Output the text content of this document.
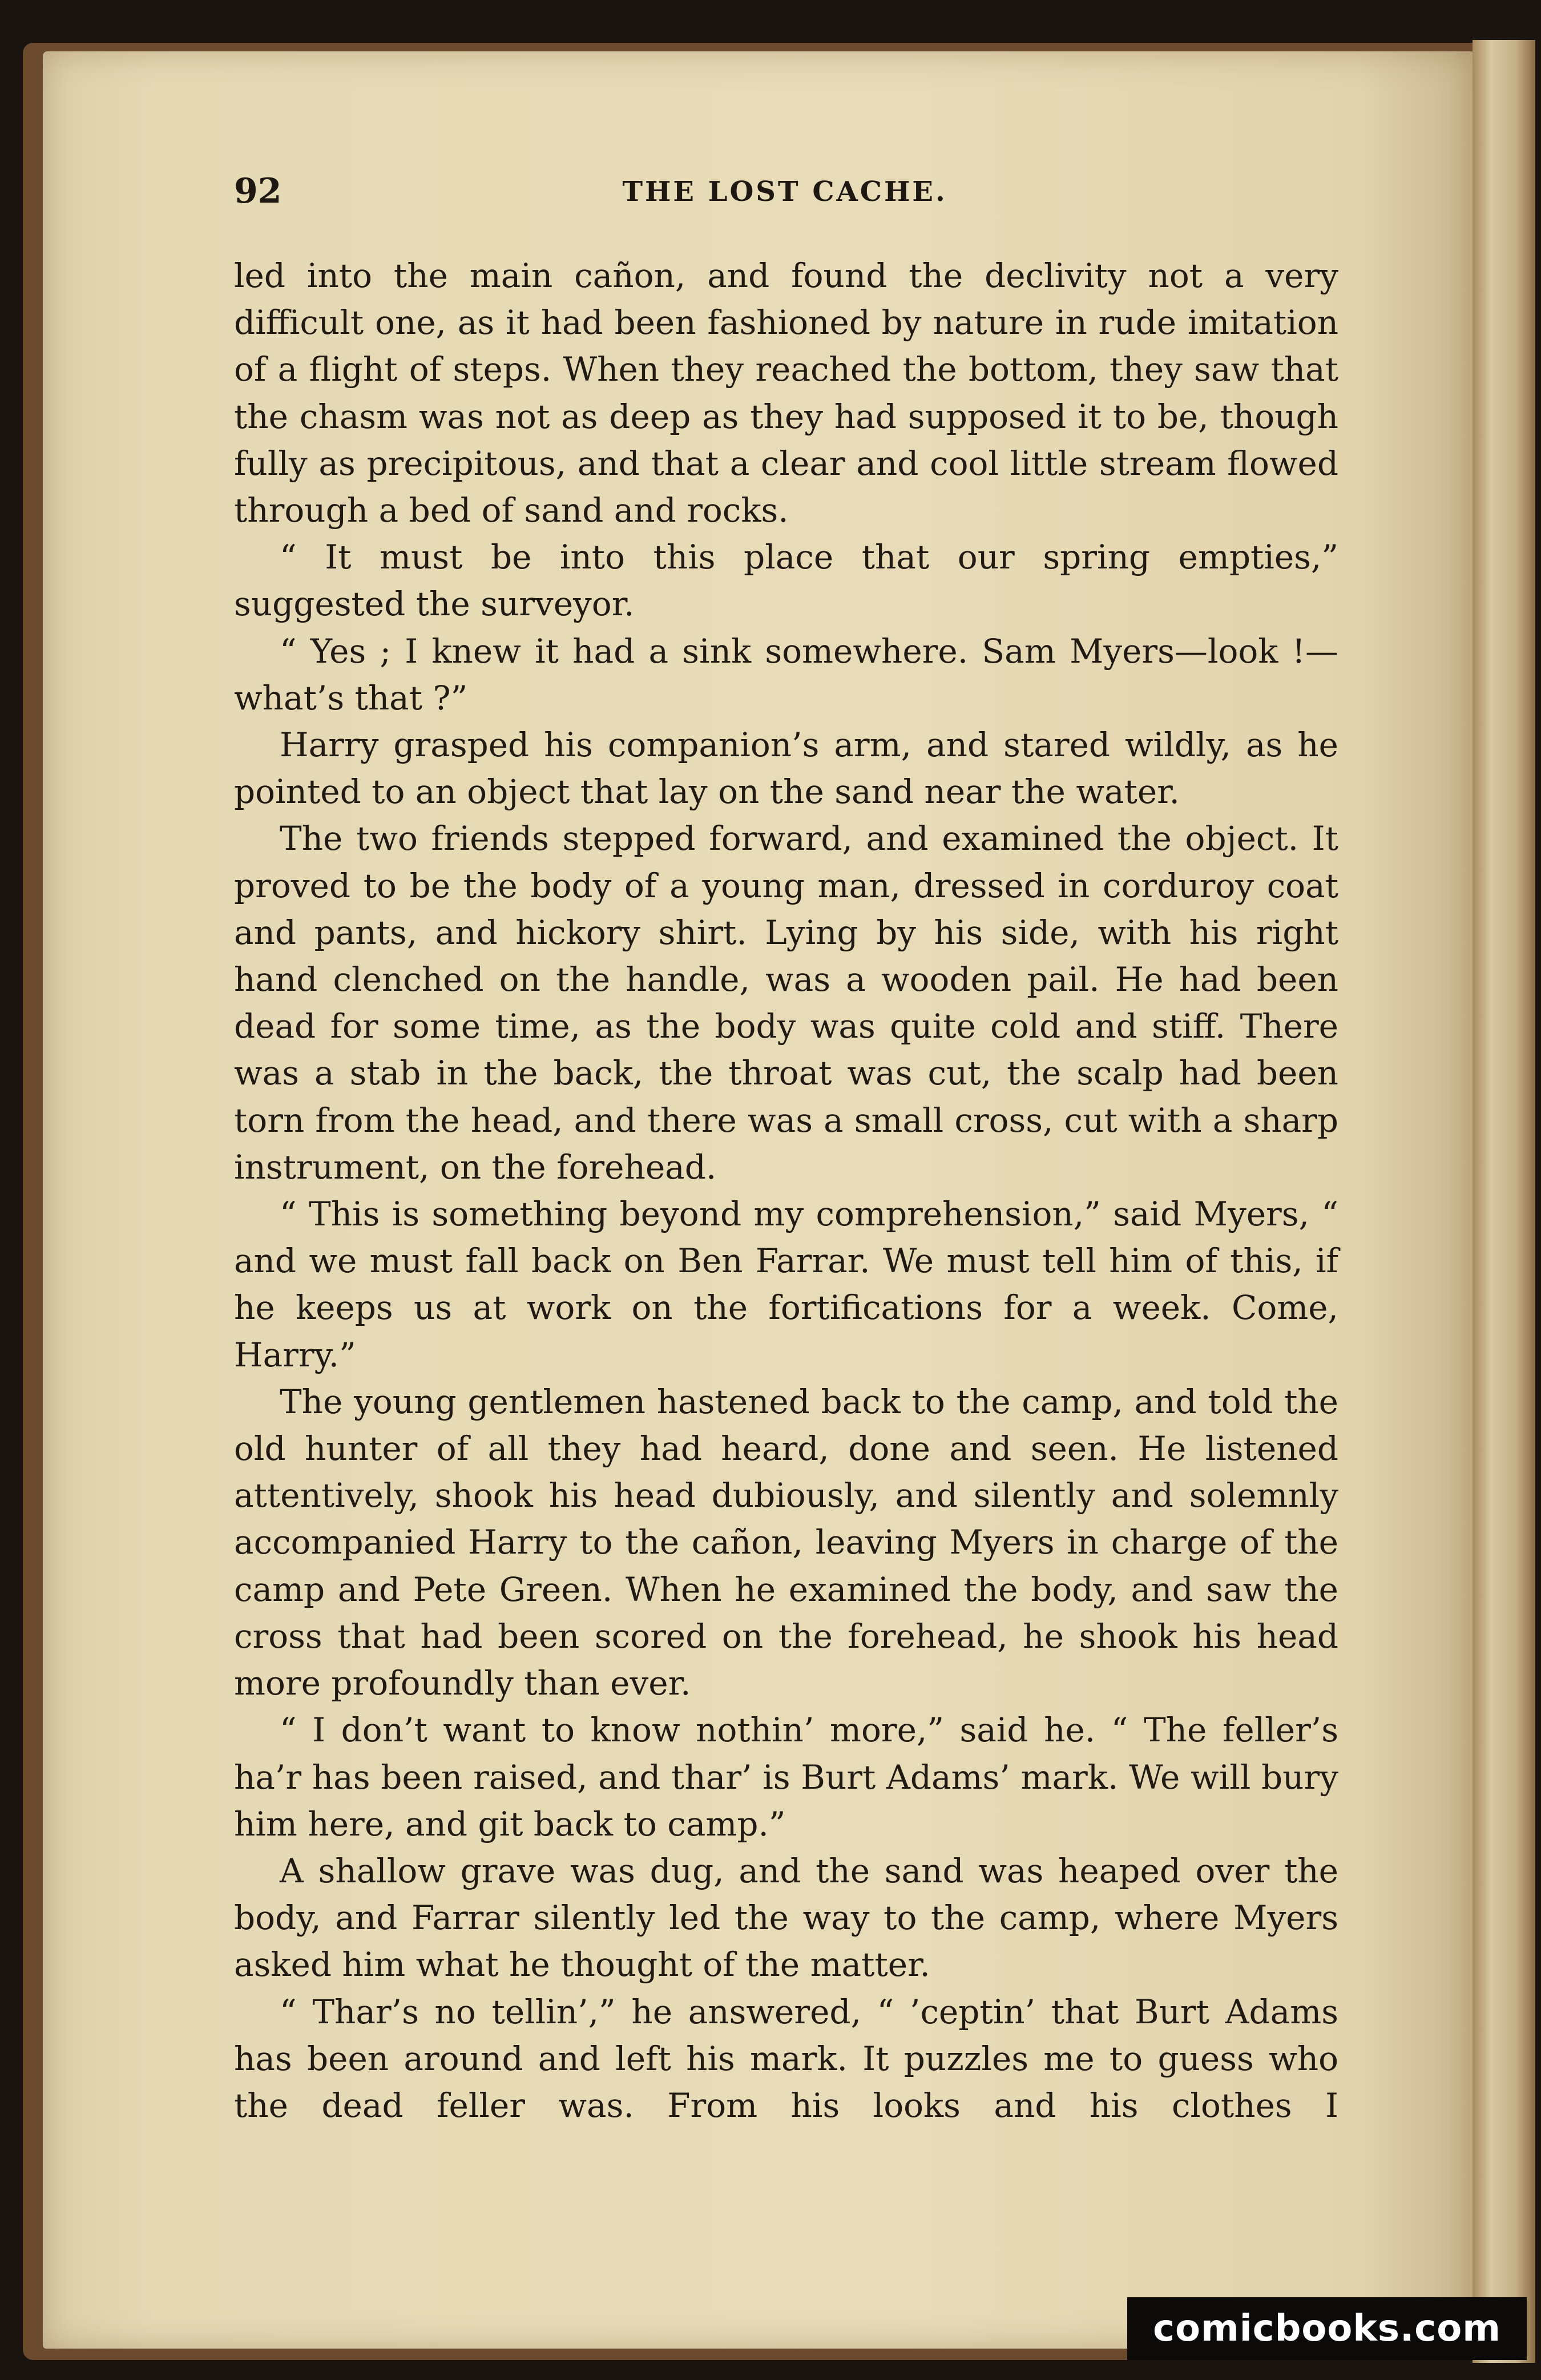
92	THE LOST CACHE.

led into the main cañon, and found the declivity not a very difficult one, as it had been fashioned by nature in rude imitation of a flight of steps. When they reached the bottom, they saw that the chasm was not as deep as they had supposed it to be, though fully as precipitous, and that a clear and cool little stream flowed through a bed of sand and rocks.

“ It must be into this place that our spring empties,” suggested the surveyor.

“ Yes ; I knew it had a sink somewhere. Sam Myers—look !—what’s that ?”

Harry grasped his companion’s arm, and stared wildly, as he pointed to an object that lay on the sand near the water.

The two friends stepped forward, and examined the object. It proved to be the body of a young man, dressed in corduroy coat and pants, and hickory shirt. Lying by his side, with his right hand clenched on the handle, was a wooden pail. He had been dead for some time, as the body was quite cold and stiff. There was a stab in the back, the throat was cut, the scalp had been torn from the head, and there was a small cross, cut with a sharp instrument, on the forehead.

“ This is something beyond my comprehension,” said Myers, “ and we must fall back on Ben Farrar. We must tell him of this, if he keeps us at work on the fortifications for a week. Come, Harry.”

The young gentlemen hastened back to the camp, and told the old hunter of all they had heard, done and seen. He listened attentively, shook his head dubiously, and silently and solemnly accompanied Harry to the cañon, leaving Myers in charge of the camp and Pete Green. When he examined the body, and saw the cross that had been scored on the forehead, he shook his head more profoundly than ever.

“ I don’t want to know nothin’ more,” said he. “ The feller’s ha’r has been raised, and thar’ is Burt Adams’ mark. We will bury him here, and git back to camp.”

A shallow grave was dug, and the sand was heaped over the body, and Farrar silently led the way to the camp, where Myers asked him what he thought of the matter.

“ Thar’s no tellin’,” he answered, “ ’ceptin’ that Burt Adams has been around and left his mark. It puzzles me to guess who the dead feller was. From his looks and his clothes I

comicbooks.com
